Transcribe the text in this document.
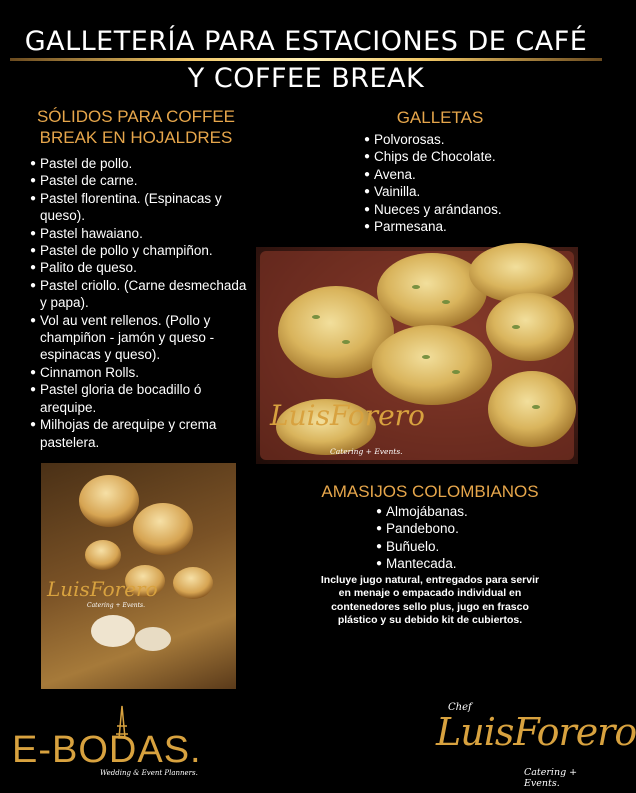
GALLETERÍA PARA ESTACIONES DE CAFÉ
Y COFFEE BREAK
SÓLIDOS PARA COFFEE
BREAK EN HOJALDRES
● Pastel de pollo.
● Pastel de carne.
● Pastel florentina. (Espinacas y queso).
● Pastel hawaiano.
● Pastel de pollo y champiñon.
● Palito de queso.
● Pastel criollo. (Carne desmechada y papa).
● Vol au vent rellenos. (Pollo y champiñon - jamón y queso - espinacas y queso).
● Cinnamon Rolls.
● Pastel gloria de bocadillo ó arequipe.
● Milhojas de arequipe y crema pastelera.
GALLETAS
● Polvorosas.
● Chips de Chocolate.
● Avena.
● Vainilla.
● Nueces y arándanos.
● Parmesana.
LuisForero
Catering + Events.
LuisForero
Catering + Events.
AMASIJOS COLOMBIANOS
● Almojábanas.
● Pandebono.
● Buñuelo.
● Mantecada.
Incluye jugo natural, entregados para servir en menaje o empacado individual en contenedores sello plus, jugo en frasco plástico y su debido kit de cubiertos.
E-BODAS.
Wedding & Event Planners.
Chef
LuisForero
Catering + Events.
